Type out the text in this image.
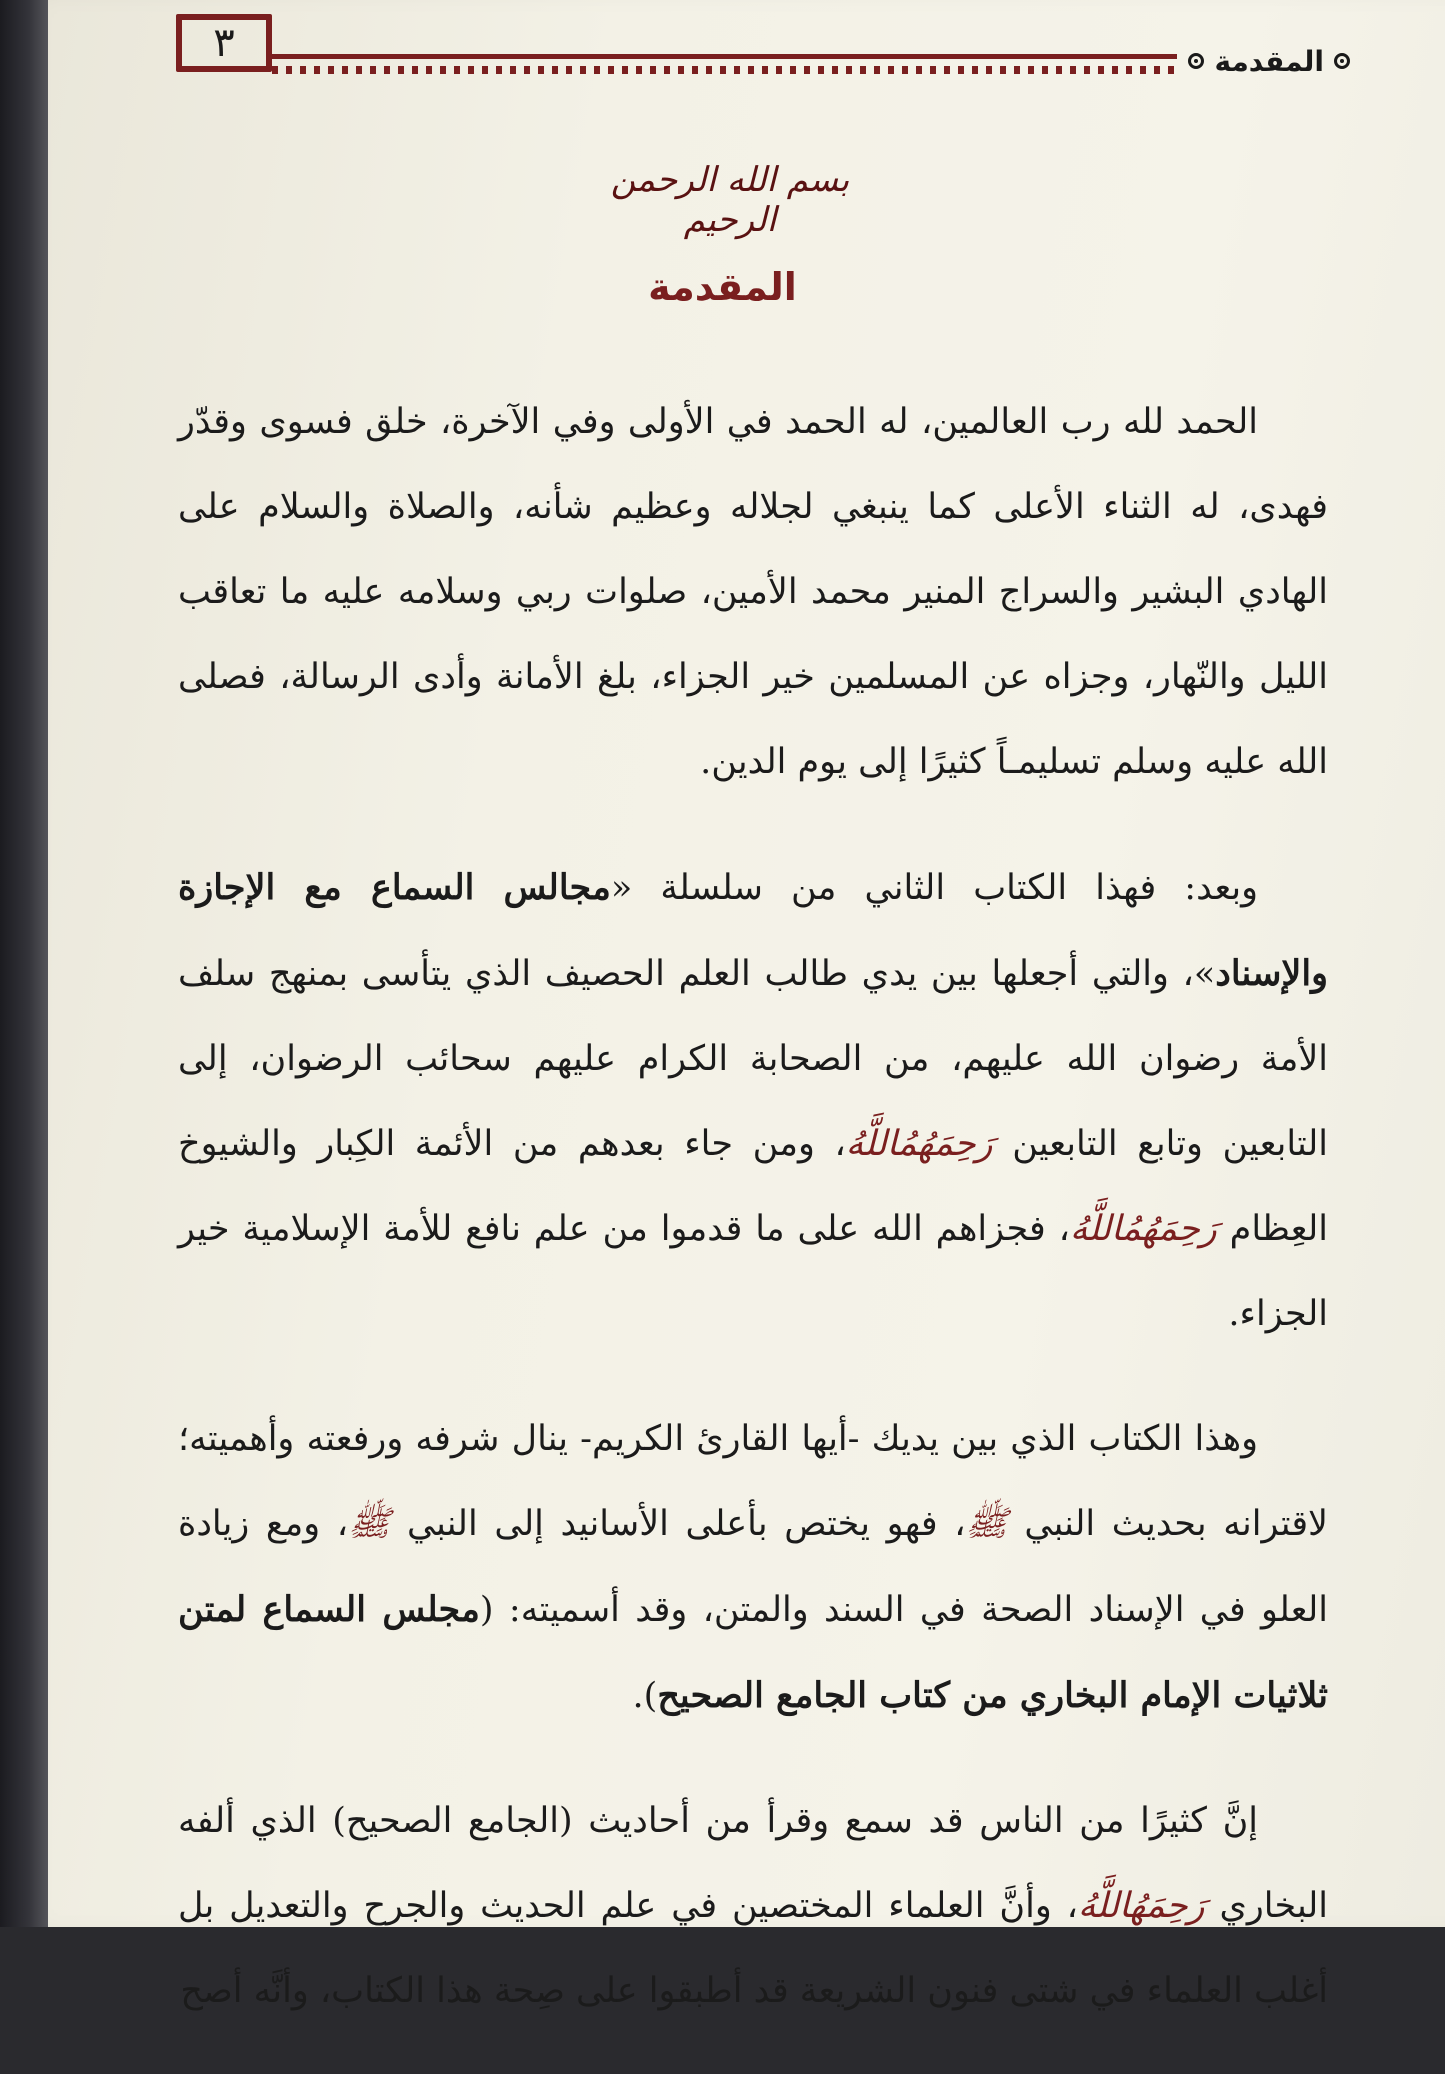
٣	المقدمة
بسم الله الرحمن الرحيم
المقدمة

الحمد لله رب العالمين، له الحمد في الأولى وفي الآخرة، خلق فسوى وقدّر فهدى، له الثناء الأعلى كما ينبغي لجلاله وعظيم شأنه، والصلاة والسلام على الهادي البشير والسراج المنير محمد الأمين، صلوات ربي وسلامه عليه ما تعاقب الليل والنّهار، وجزاه عن المسلمين خير الجزاء، بلغ الأمانة وأدى الرسالة، فصلى الله عليه وسلم تسليمـاً كثيرًا إلى يوم الدين.

وبعد: فهذا الكتاب الثاني من سلسلة «مجالس السماع مع الإجازة والإسناد»، والتي أجعلها بين يدي طالب العلم الحصيف الذي يتأسى بمنهج سلف الأمة رضوان الله عليهم، من الصحابة الكرام عليهم سحائب الرضوان، إلى التابعين وتابع التابعين رَحِمَهُمُاللَّهُ، ومن جاء بعدهم من الأئمة الكِبار والشيوخ العِظام رَحِمَهُمُاللَّهُ، فجزاهم الله على ما قدموا من علم نافع للأمة الإسلامية خير الجزاء.

وهذا الكتاب الذي بين يديك -أيها القارئ الكريم- ينال شرفه ورفعته وأهميته؛ لاقترانه بحديث النبي ﷺ، فهو يختص بأعلى الأسانيد إلى النبي ﷺ، ومع زيادة العلو في الإسناد الصحة في السند والمتن، وقد أسميته: (مجلس السماع لمتن ثلاثيات الإمام البخاري من كتاب الجامع الصحيح).

إنَّ كثيرًا من الناس قد سمع وقرأ من أحاديث (الجامع الصحيح) الذي ألفه البخاري رَحِمَهُاللَّهُ، وأنَّ العلماء المختصين في علم الحديث والجرح والتعديل بل أغلب العلماء في شتى فنون الشريعة قد أطبقوا على صِحة هذا الكتاب، وأنَّه أصح
